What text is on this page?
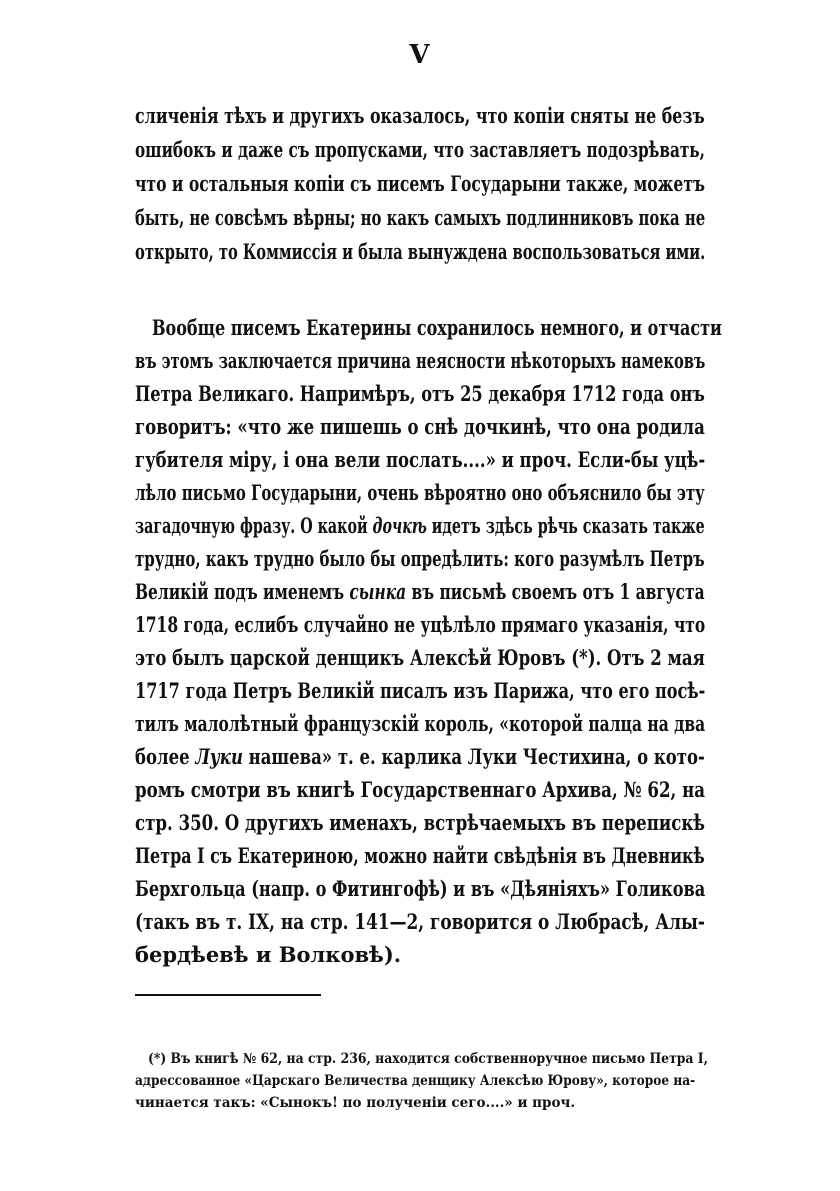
V
сличенія тѣхъ и другихъ оказалось, что копіи сняты не безъ
ошибокъ и даже съ пропусками, что заставляетъ подозрѣвать,
что и остальныя копіи съ писемъ Государыни также, можетъ
быть, не совсѣмъ вѣрны; но какъ самыхъ подлинниковъ пока не
открыто, то Коммиссія и была вынуждена воспользоваться ими.
Вообще писемъ Екатерины сохранилось немного, и отчасти
въ этомъ заключается причина неясности нѣкоторыхъ намековъ
Петра Великаго. Напримѣръ, отъ 25 декабря 1712 года онъ
говоритъ: «что же пишешь о снѣ дочкинѣ, что она родила
губителя міру, і она вели послать....» и проч. Если-бы уцѣ-
лѣло письмо Государыни, очень вѣроятно оно объяснило бы эту
загадочную фразу. О какой дочкѣ идетъ здѣсь рѣчь сказать также
трудно, какъ трудно было бы опредѣлить: кого разумѣлъ Петръ
Великій подъ именемъ сынка въ письмѣ своемъ отъ 1 августа
1718 года, еслибъ случайно не уцѣлѣло прямаго указанія, что
это былъ царской денщикъ Алексѣй Юровъ (*). Отъ 2 мая
1717 года Петръ Великій писалъ изъ Парижа, что его посѣ-
тилъ малолѣтный французскій король, «которой палца на два
более Луки нашева» т. е. карлика Луки Честихина, о кото-
ромъ смотри въ книгѣ Государственнаго Архива, № 62, на
стр. 350. О другихъ именахъ, встрѣчаемыхъ въ перепискѣ
Петра I съ Екатериною, можно найти свѣдѣнія въ Дневникѣ
Берхгольца (напр. о Фитингофѣ) и въ «Дѣяніяхъ» Голикова
(такъ въ т. IX, на стр. 141—2, говорится о Любрасѣ, Алы-
бердѣевѣ и Волковѣ).
(*) Въ книгѣ № 62, на стр. 236, находится собственноручное письмо Петра I,
адрессованное «Царскаго Величества денщику Алексѣю Юрову», которое на-
чинается такъ: «Сынокъ! по полученіи сего....» и проч.
